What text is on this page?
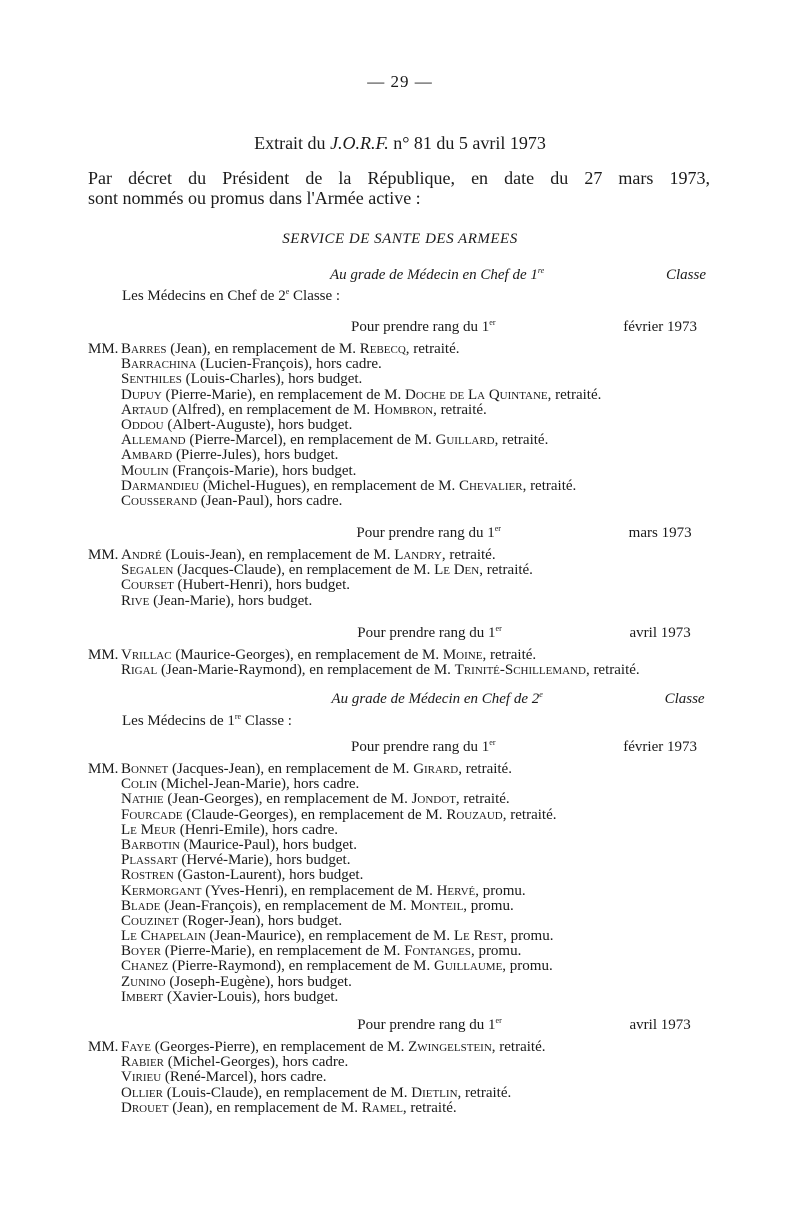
— 29 —
Extrait du J.O.R.F. n° 81 du 5 avril 1973
Par décret du Président de la République, en date du 27 mars 1973,
sont nommés ou promus dans l'Armée active :
SERVICE DE SANTE DES ARMEES
Au grade de Médecin en Chef de 1re	Classe
Les Médecins en Chef de 2e Classe :
Pour prendre rang du 1er	février 1973
MM. Barres (Jean), en remplacement de M. Rebecq, retraité.
Barrachina (Lucien-François), hors cadre.
Senthiles (Louis-Charles), hors budget.
Dupuy (Pierre-Marie), en remplacement de M. Doche de La Quintane, retraité.
Artaud (Alfred), en remplacement de M. Hombron, retraité.
Oddou (Albert-Auguste), hors budget.
Allemand (Pierre-Marcel), en remplacement de M. Guillard, retraité.
Ambard (Pierre-Jules), hors budget.
Moulin (François-Marie), hors budget.
Darmandieu (Michel-Hugues), en remplacement de M. Chevalier, retraité.
Cousserand (Jean-Paul), hors cadre.
Pour prendre rang du 1er	mars 1973
MM. André (Louis-Jean), en remplacement de M. Landry, retraité.
Segalen (Jacques-Claude), en remplacement de M. Le Den, retraité.
Courset (Hubert-Henri), hors budget.
Rive (Jean-Marie), hors budget.
Pour prendre rang du 1er	avril 1973
MM. Vrillac (Maurice-Georges), en remplacement de M. Moine, retraité.
Rigal (Jean-Marie-Raymond), en remplacement de M. Trinité-Schillemand, retraité.
Au grade de Médecin en Chef de 2e	Classe
Les Médecins de 1re Classe :
Pour prendre rang du 1er	février 1973
MM. Bonnet (Jacques-Jean), en remplacement de M. Girard, retraité.
Colin (Michel-Jean-Marie), hors cadre.
Nathie (Jean-Georges), en remplacement de M. Jondot, retraité.
Fourcade (Claude-Georges), en remplacement de M. Rouzaud, retraité.
Le Meur (Henri-Emile), hors cadre.
Barbotin (Maurice-Paul), hors budget.
Plassart (Hervé-Marie), hors budget.
Rostren (Gaston-Laurent), hors budget.
Kermorgant (Yves-Henri), en remplacement de M. Hervé, promu.
Blade (Jean-François), en remplacement de M. Monteil, promu.
Couzinet (Roger-Jean), hors budget.
Le Chapelain (Jean-Maurice), en remplacement de M. Le Rest, promu.
Boyer (Pierre-Marie), en remplacement de M. Fontanges, promu.
Chanez (Pierre-Raymond), en remplacement de M. Guillaume, promu.
Zunino (Joseph-Eugène), hors budget.
Imbert (Xavier-Louis), hors budget.
Pour prendre rang du 1er	avril 1973
MM. Faye (Georges-Pierre), en remplacement de M. Zwingelstein, retraité.
Rabier (Michel-Georges), hors cadre.
Virieu (René-Marcel), hors cadre.
Ollier (Louis-Claude), en remplacement de M. Dietlin, retraité.
Drouet (Jean), en remplacement de M. Ramel, retraité.
